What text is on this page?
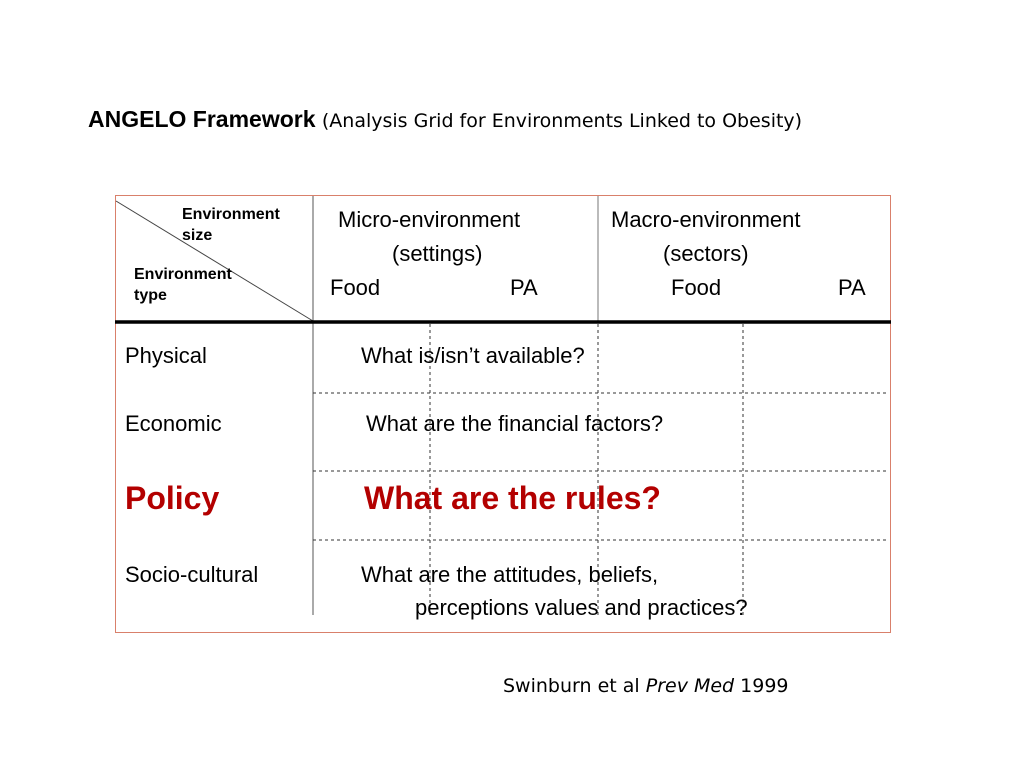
ANGELO Framework (Analysis Grid for Environments Linked to Obesity)
Environment
size
Environment
type
Micro-environment
(settings)
Food	PA
Macro-environment
(sectors)
Food	PA
Physical	What is/isn’t available?
Economic	What are the financial factors?
Policy	What are the rules?
Socio-cultural	What are the attitudes, beliefs,
perceptions values and practices?
Swinburn et al Prev Med 1999
